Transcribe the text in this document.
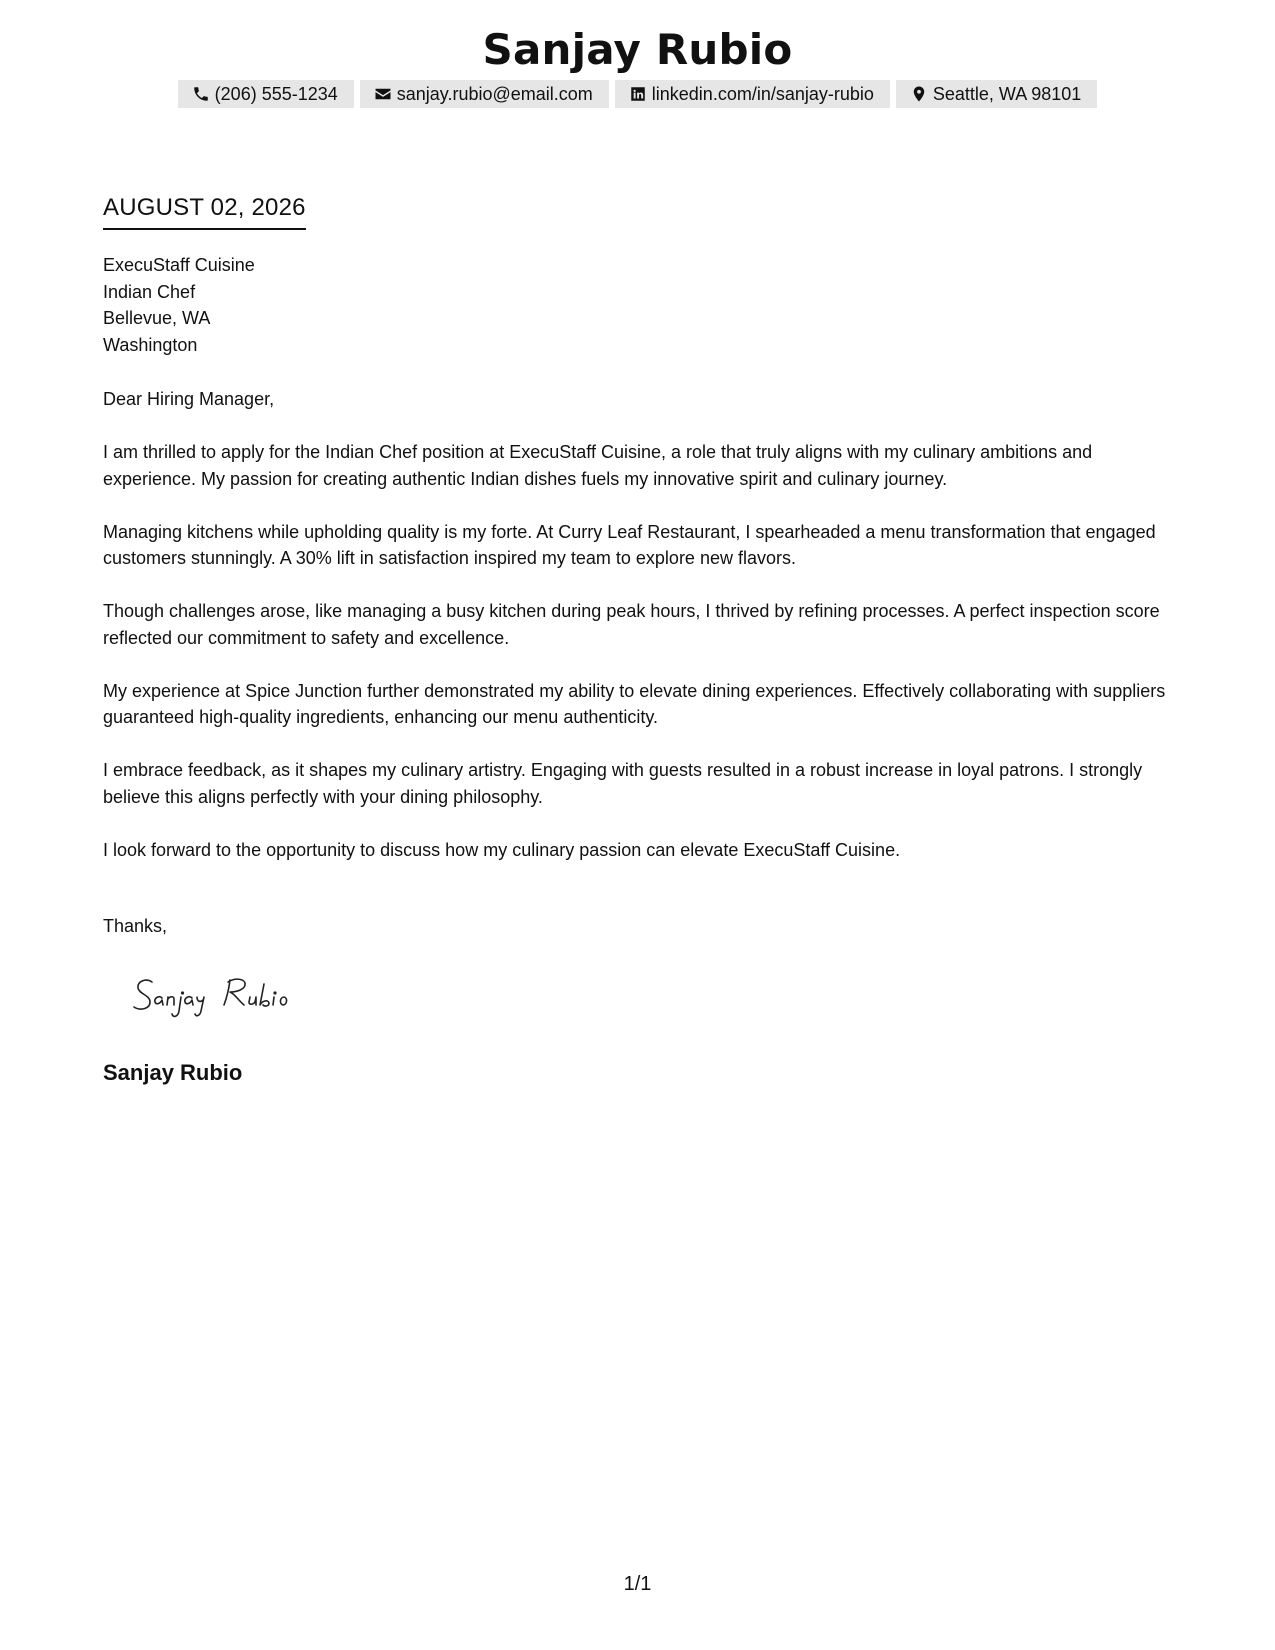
Sanjay Rubio
(206) 555-1234	sanjay.rubio@email.com	linkedin.com/in/sanjay-rubio	Seattle, WA 98101
AUGUST 02, 2026
ExecuStaff Cuisine
Indian Chef
Bellevue, WA
Washington

Dear Hiring Manager,

I am thrilled to apply for the Indian Chef position at ExecuStaff Cuisine, a role that truly aligns with my culinary ambitions and experience. My passion for creating authentic Indian dishes fuels my innovative spirit and culinary journey.

Managing kitchens while upholding quality is my forte. At Curry Leaf Restaurant, I spearheaded a menu transformation that engaged customers stunningly. A 30% lift in satisfaction inspired my team to explore new flavors.

Though challenges arose, like managing a busy kitchen during peak hours, I thrived by refining processes. A perfect inspection score reflected our commitment to safety and excellence.

My experience at Spice Junction further demonstrated my ability to elevate dining experiences. Effectively collaborating with suppliers guaranteed high-quality ingredients, enhancing our menu authenticity.

I embrace feedback, as it shapes my culinary artistry. Engaging with guests resulted in a robust increase in loyal patrons. I strongly believe this aligns perfectly with your dining philosophy.

I look forward to the opportunity to discuss how my culinary passion can elevate ExecuStaff Cuisine.

Thanks,
Sanjay Rubio
1/1
